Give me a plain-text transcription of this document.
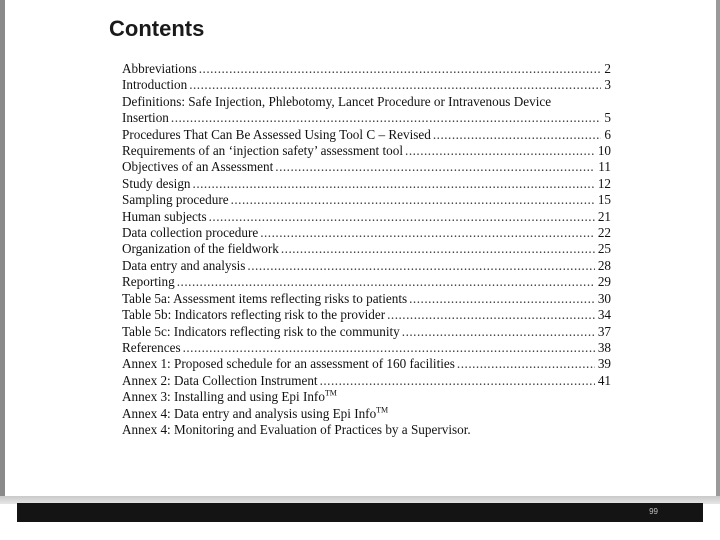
Contents
Abbreviations .....	2
Introduction .....	3
Definitions: Safe Injection, Phlebotomy, Lancet Procedure or Intravenous Device
Insertion .....	5
Procedures That Can Be Assessed Using Tool C – Revised .....	6
Requirements of an ‘injection safety’ assessment tool .....	10
Objectives of an Assessment .....	11
Study design .....	12
Sampling procedure .....	15
Human subjects .....	21
Data collection procedure .....	22
Organization of the fieldwork .....	25
Data entry and analysis .....	28
Reporting .....	29
Table 5a: Assessment items reflecting risks to patients .....	30
Table 5b: Indicators reflecting risk to the provider .....	34
Table 5c: Indicators reflecting risk to the community .....	37
References .....	38
Annex 1: Proposed schedule for an assessment of 160 facilities .....	39
Annex 2: Data Collection Instrument .....	41
Annex 3: Installing and using Epi Info™
Annex 4: Data entry and analysis using Epi Info™
Annex 4: Monitoring and Evaluation of Practices by a Supervisor.
99
